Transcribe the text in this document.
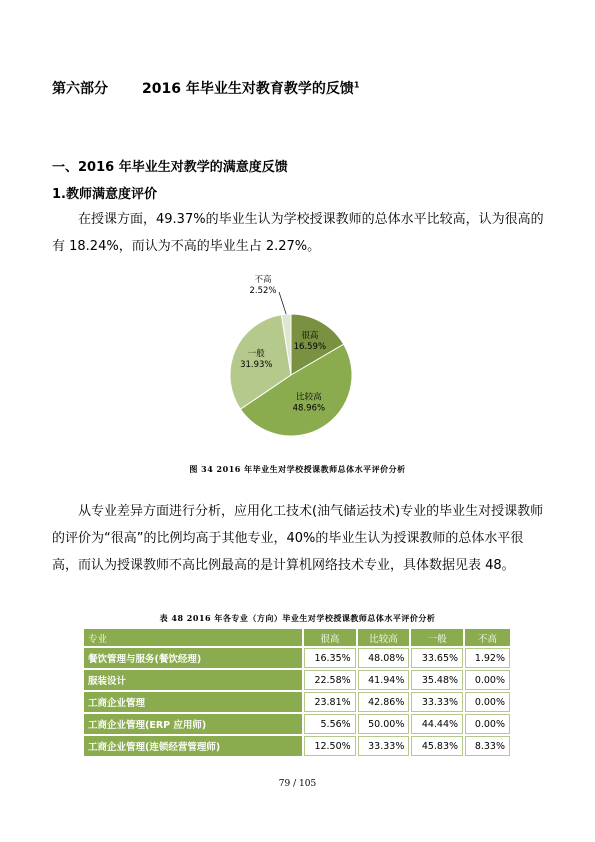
第六部分 2016 年毕业生对教育教学的反馈$^1$
一、2016 年毕业生对教学的满意度反馈
1.教师满意度评价
在授课方面，49.37%的毕业生认为学校授课教师的总体水平比较高，认为很高的有 18.24%，而认为不高的毕业生占 2.27%。
很高
16.59%
比较高
48.96%
一般
31.93%
不高
2.52%
图 34 2016 年毕业生对学校授课教师总体水平评价分析
从专业差异方面进行分析，应用化工技术(油气储运技术)专业的毕业生对授课教师的评价为“很高”的比例均高于其他专业，40%的毕业生认为授课教师的总体水平很高，而认为授课教师不高比例最高的是计算机网络技术专业，具体数据见表 48。
表 48 2016 年各专业（方向）毕业生对学校授课教师总体水平评价分析
专业	很高	比较高	一般	不高
餐饮管理与服务(餐饮经理)	16.35%	48.08%	33.65%	1.92%
服装设计	22.58%	41.94%	35.48%	0.00%
工商企业管理	23.81%	42.86%	33.33%	0.00%
工商企业管理(ERP 应用师)	5.56%	50.00%	44.44%	0.00%
工商企业管理(连锁经营管理师)	12.50%	33.33%	45.83%	8.33%
79 / 105
